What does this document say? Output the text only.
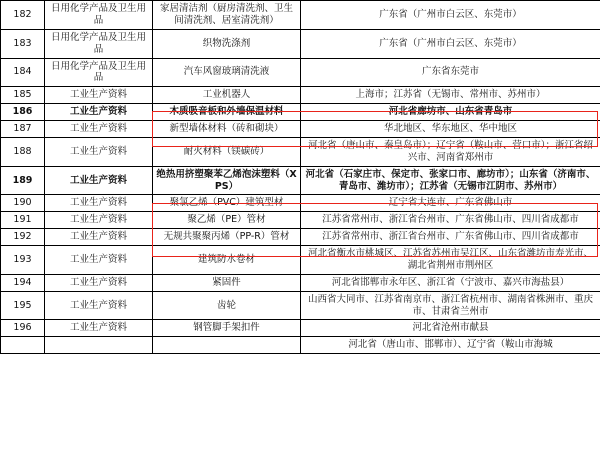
182	日用化学产品及卫生用品	家居清洁剂（厨房清洗剂、卫生间清洗剂、居室清洗剂）	广东省（广州市白云区、东莞市）
183	日用化学产品及卫生用品	织物洗涤剂	广东省（广州市白云区、东莞市）
184	日用化学产品及卫生用品	汽车风窗玻璃清洗液	广东省东莞市
185	工业生产资料	工业机器人	上海市；江苏省（无锡市、常州市、苏州市）
186	工业生产资料	木质吸音板和外墙保温材料	河北省廊坊市、山东省青岛市
187	工业生产资料	新型墙体材料（砖和砌块）	华北地区、华东地区、华中地区
188	工业生产资料	耐火材料（镁碳砖）	河北省（唐山市、秦皇岛市）；辽宁省（鞍山市、营口市）；浙江省绍兴市、河南省郑州市
189	工业生产资料	绝热用挤塑聚苯乙烯泡沫塑料（XPS）	河北省（石家庄市、保定市、张家口市、廊坊市）；山东省（济南市、青岛市、潍坊市）；江苏省（无锡市江阴市、苏州市）
190	工业生产资料	聚氯乙烯（PVC）建筑型材	辽宁省大连市、广东省佛山市
191	工业生产资料	聚乙烯（PE）管材	江苏省常州市、浙江省台州市、广东省佛山市、四川省成都市
192	工业生产资料	无规共聚聚丙烯（PP-R）管材	江苏省常州市、浙江省台州市、广东省佛山市、四川省成都市
193	工业生产资料	建筑防水卷材	河北省衡水市桃城区、江苏省苏州市吴江区、山东省潍坊市寿光市、湖北省荆州市荆州区
194	工业生产资料	紧固件	河北省邯郸市永年区、浙江省（宁波市、嘉兴市海盐县）
195	工业生产资料	齿轮	山西省大同市、江苏省南京市、浙江省杭州市、湖南省株洲市、重庆市、甘肃省兰州市
196	工业生产资料	钢管脚手架扣件	河北省沧州市献县
			河北省（唐山市、邯郸市）、辽宁省（鞍山市海城
